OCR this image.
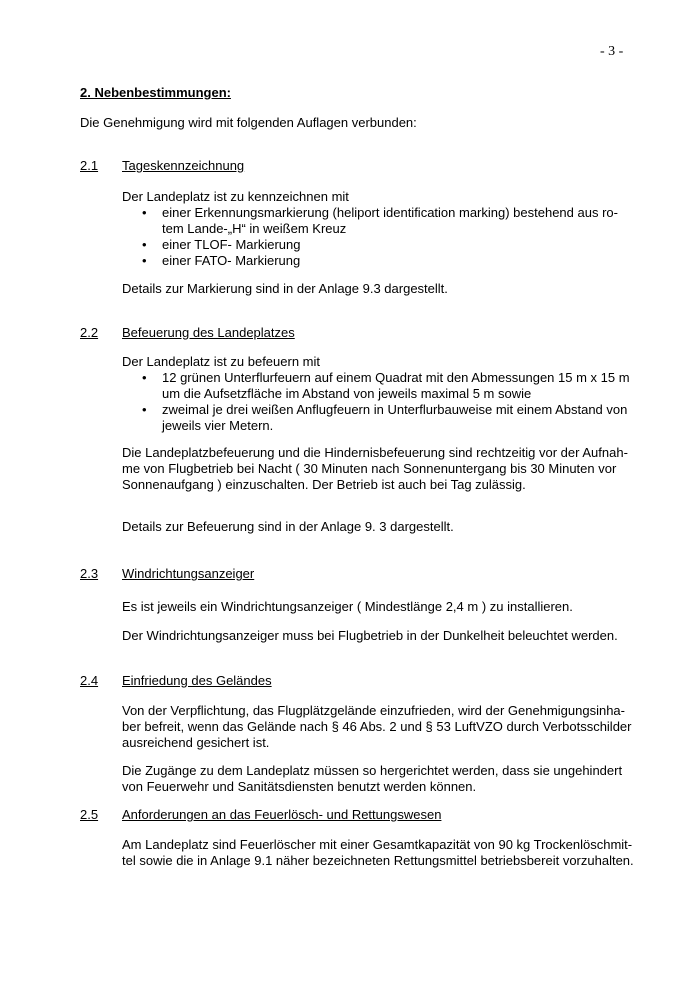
- 3 -
2. Nebenbestimmungen:
Die Genehmigung wird mit folgenden Auflagen verbunden:
2.1 Tageskennzeichnung
Der Landeplatz ist zu kennzeichnen mit
• einer Erkennungsmarkierung (heliport identification marking) bestehend aus ro-
tem Lande-„H“ in weißem Kreuz
• einer TLOF- Markierung
• einer FATO- Markierung
Details zur Markierung sind in der Anlage 9.3 dargestellt.
2.2 Befeuerung des Landeplatzes
Der Landeplatz ist zu befeuern mit
• 12 grünen Unterflurfeuern auf einem Quadrat mit den Abmessungen 15 m x 15 m
um die Aufsetzfläche im Abstand von jeweils maximal 5 m sowie
• zweimal je drei weißen Anflugfeuern in Unterflurbauweise mit einem Abstand von
jeweils vier Metern.
Die Landeplatzbefeuerung und die Hindernisbefeuerung sind rechtzeitig vor der Aufnah-
me von Flugbetrieb bei Nacht ( 30 Minuten nach Sonnenuntergang bis 30 Minuten vor
Sonnenaufgang ) einzuschalten. Der Betrieb ist auch bei Tag zulässig.
Details zur Befeuerung sind in der Anlage 9. 3 dargestellt.
2.3 Windrichtungsanzeiger
Es ist jeweils ein Windrichtungsanzeiger ( Mindestlänge 2,4 m ) zu installieren.
Der Windrichtungsanzeiger muss bei Flugbetrieb in der Dunkelheit beleuchtet werden.
2.4 Einfriedung des Geländes
Von der Verpflichtung, das Flugplätzgelände einzufrieden, wird der Genehmigungsinha-
ber befreit, wenn das Gelände nach § 46 Abs. 2 und § 53 LuftVZO durch Verbotsschilder
ausreichend gesichert ist.
Die Zugänge zu dem Landeplatz müssen so hergerichtet werden, dass sie ungehindert
von Feuerwehr und Sanitätsdiensten benutzt werden können.
2.5 Anforderungen an das Feuerlösch- und Rettungswesen
Am Landeplatz sind Feuerlöscher mit einer Gesamtkapazität von 90 kg Trockenlöschmit-
tel sowie die in Anlage 9.1 näher bezeichneten Rettungsmittel betriebsbereit vorzuhalten.
